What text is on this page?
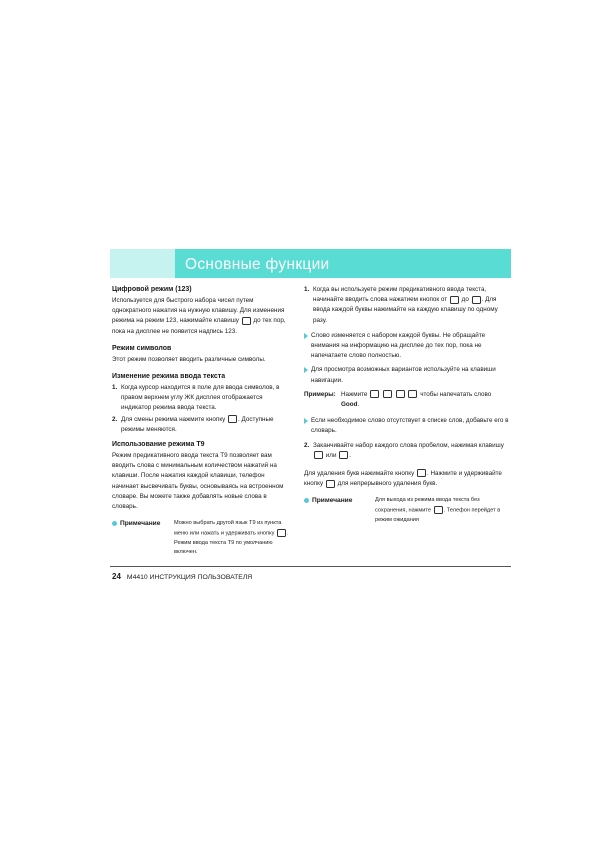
Основные функции
Цифровой режим (123)

Используется для быстрого набора чисел путем однократного нажатия на нужную клавишу. Для изменения режима на режим 123, нажимайте клавишу до тех пор, пока на дисплее не появится надпись 123.

Режим символов

Этот режим позволяет вводить различные символы.

Изменение режима ввода текста
1. Когда курсор находится в поле для ввода символов, в правом верхнем углу ЖК дисплея отображается индикатор режима ввода текста.
2. Для смены режима нажмите кнопку . Доступные режимы меняются.
Использование режима T9

Режим предикативного ввода текста T9 позволяет вам вводить слова с минимальным количеством нажатий на клавиши. После нажатия каждой клавиши, телефон начинает высвечивать буквы, основываясь на встроенном словаре. Вы можете также добавлять новые слова в словарь.

Примечание Можно выбрать другой язык T9 из пункта меню или нажать и удерживать кнопку . Режим ввода текста T9 по умолчанию включен.
1. Когда вы используете режим предикативного ввода текста, начинайте вводить слова нажатием кнопок от до . Для ввода каждой буквы нажимайте на каждую клавишу по одному разу.
Слово изменяется с набором каждой буквы. Не обращайте внимания на информацию на дисплее до тех пор, пока не напечатаете слово полностью.
Для просмотра возможных вариантов используйте на клавиши навигации.
Примеры: Нажмите	чтобы напечатать слово Good.
Если необходимое слово отсутствует в списке слов, добавьте его в словарь.
2. Заканчивайте набор каждого слова пробелом, нажимая клавишу  или .

Для удаления букв нажимайте кнопку . Нажмите и удерживайте кнопку для непрерывного удаления букв.

Примечание	Для выхода из режима ввода текста без сохранения, нажмите . Телефон перейдет в режим ожидания
24 M4410 ИНСТРУКЦИЯ ПОЛЬЗОВАТЕЛЯ
